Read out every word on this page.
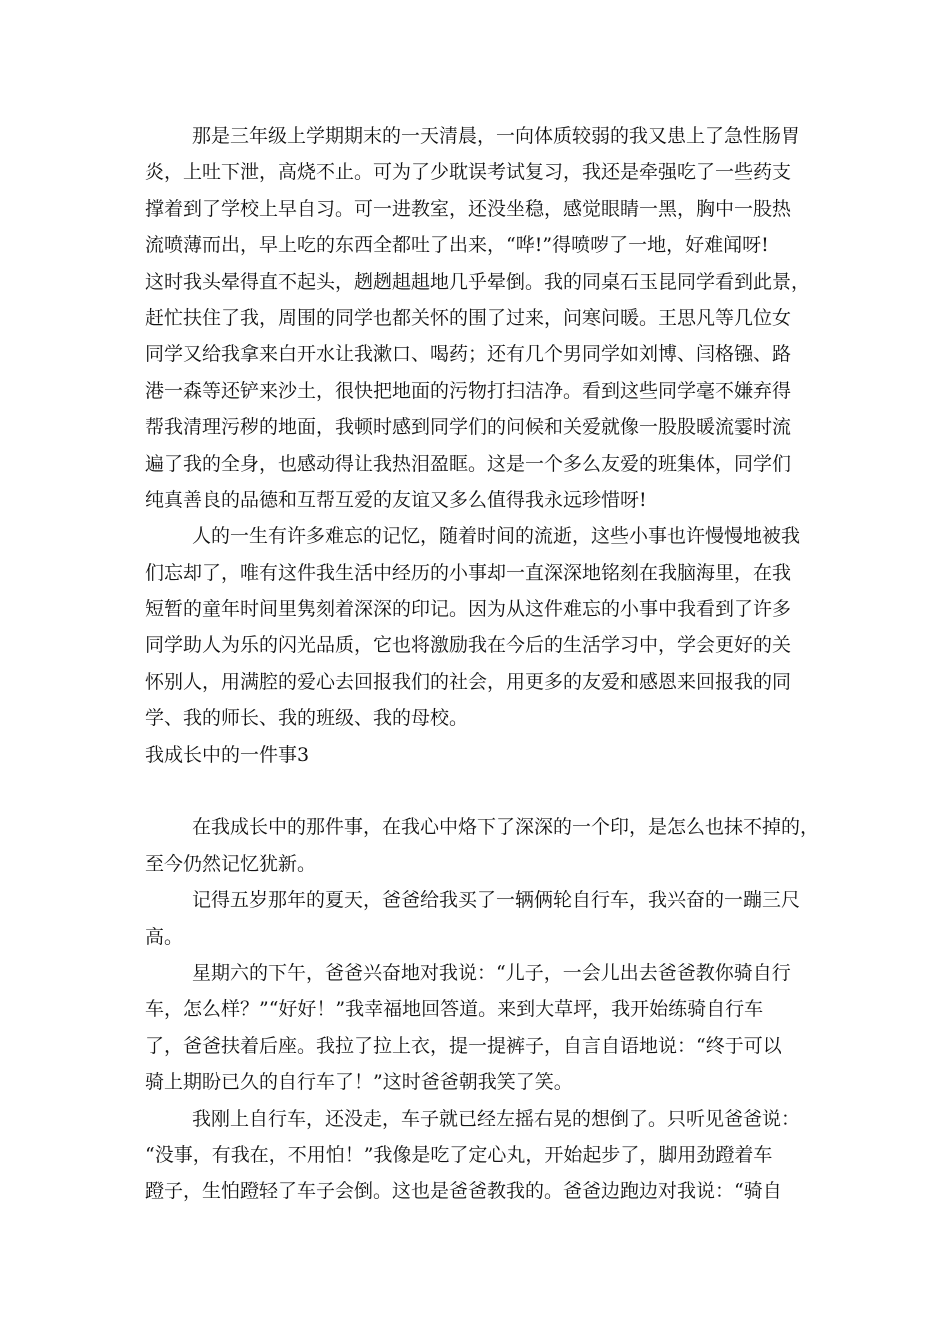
那是三年级上学期期末的一天清晨，一向体质较弱的我又患上了急性肠胃
炎，上吐下泄，高烧不止。可为了少耽误考试复习，我还是牵强吃了一些药支
撑着到了学校上早自习。可一进教室，还没坐稳，感觉眼睛一黑，胸中一股热
流喷薄而出，早上吃的东西全都吐了出来，“哗!”得喷哕了一地，好难闻呀!
这时我头晕得直不起头，趔趔趄趄地几乎晕倒。我的同桌石玉昆同学看到此景，
赶忙扶住了我，周围的同学也都关怀的围了过来，问寒问暖。王思凡等几位女
同学又给我拿来白开水让我漱口、喝药；还有几个男同学如刘博、闫格镪、路
港一森等还铲来沙土，很快把地面的污物打扫洁净。看到这些同学毫不嫌弃得
帮我清理污秽的地面，我顿时感到同学们的问候和关爱就像一股股暖流霎时流
遍了我的全身，也感动得让我热泪盈眶。这是一个多么友爱的班集体，同学们
纯真善良的品德和互帮互爱的友谊又多么值得我永远珍惜呀!
人的一生有许多难忘的记忆，随着时间的流逝，这些小事也许慢慢地被我
们忘却了，唯有这件我生活中经历的小事却一直深深地铭刻在我脑海里，在我
短暂的童年时间里隽刻着深深的印记。因为从这件难忘的小事中我看到了许多
同学助人为乐的闪光品质，它也将激励我在今后的生活学习中，学会更好的关
怀别人，用满腔的爱心去回报我们的社会，用更多的友爱和感恩来回报我的同
学、我的师长、我的班级、我的母校。
我成长中的一件事3
在我成长中的那件事，在我心中烙下了深深的一个印，是怎么也抹不掉的，
至今仍然记忆犹新。
记得五岁那年的夏天，爸爸给我买了一辆俩轮自行车，我兴奋的一蹦三尺
高。
星期六的下午，爸爸兴奋地对我说：“儿子，一会儿出去爸爸教你骑自行
车，怎么样？”“好好！”我幸福地回答道。来到大草坪，我开始练骑自行车
了，爸爸扶着后座。我拉了拉上衣，提一提裤子，自言自语地说：“终于可以
骑上期盼已久的自行车了！”这时爸爸朝我笑了笑。
我刚上自行车，还没走，车子就已经左摇右晃的想倒了。只听见爸爸说：
“没事，有我在，不用怕！”我像是吃了定心丸，开始起步了，脚用劲蹬着车
蹬子，生怕蹬轻了车子会倒。这也是爸爸教我的。爸爸边跑边对我说：“骑自
